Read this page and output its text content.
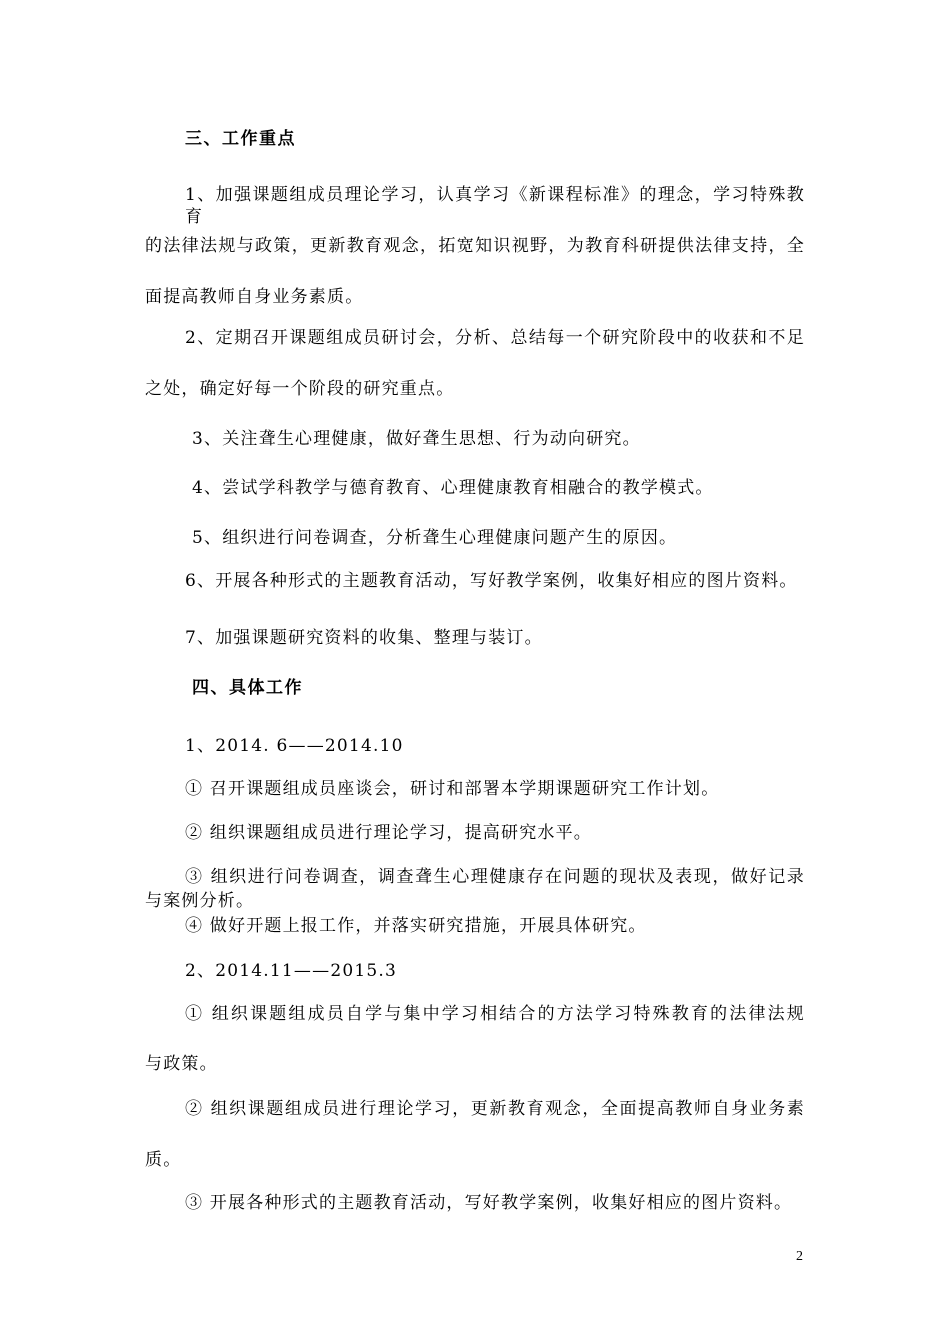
三、工作重点
1、加强课题组成员理论学习，认真学习《新课程标准》的理念，学习特殊教育
的法律法规与政策，更新教育观念，拓宽知识视野，为教育科研提供法律支持，全
面提高教师自身业务素质。
2、定期召开课题组成员研讨会，分析、总结每一个研究阶段中的收获和不足
之处，确定好每一个阶段的研究重点。
3、关注聋生心理健康，做好聋生思想、行为动向研究。
4、尝试学科教学与德育教育、心理健康教育相融合的教学模式。
5、组织进行问卷调查，分析聋生心理健康问题产生的原因。
6、开展各种形式的主题教育活动，写好教学案例，收集好相应的图片资料。
7、加强课题研究资料的收集、整理与装订。
四、具体工作
1、2014. 6——2014.10
① 召开课题组成员座谈会，研讨和部署本学期课题研究工作计划。
② 组织课题组成员进行理论学习，提高研究水平。
③ 组织进行问卷调查，调查聋生心理健康存在问题的现状及表现，做好记录
与案例分析。
④ 做好开题上报工作，并落实研究措施，开展具体研究。
2、2014.11——2015.3
① 组织课题组成员自学与集中学习相结合的方法学习特殊教育的法律法规
与政策。
② 组织课题组成员进行理论学习，更新教育观念，全面提高教师自身业务素
质。
③ 开展各种形式的主题教育活动，写好教学案例，收集好相应的图片资料。
2
